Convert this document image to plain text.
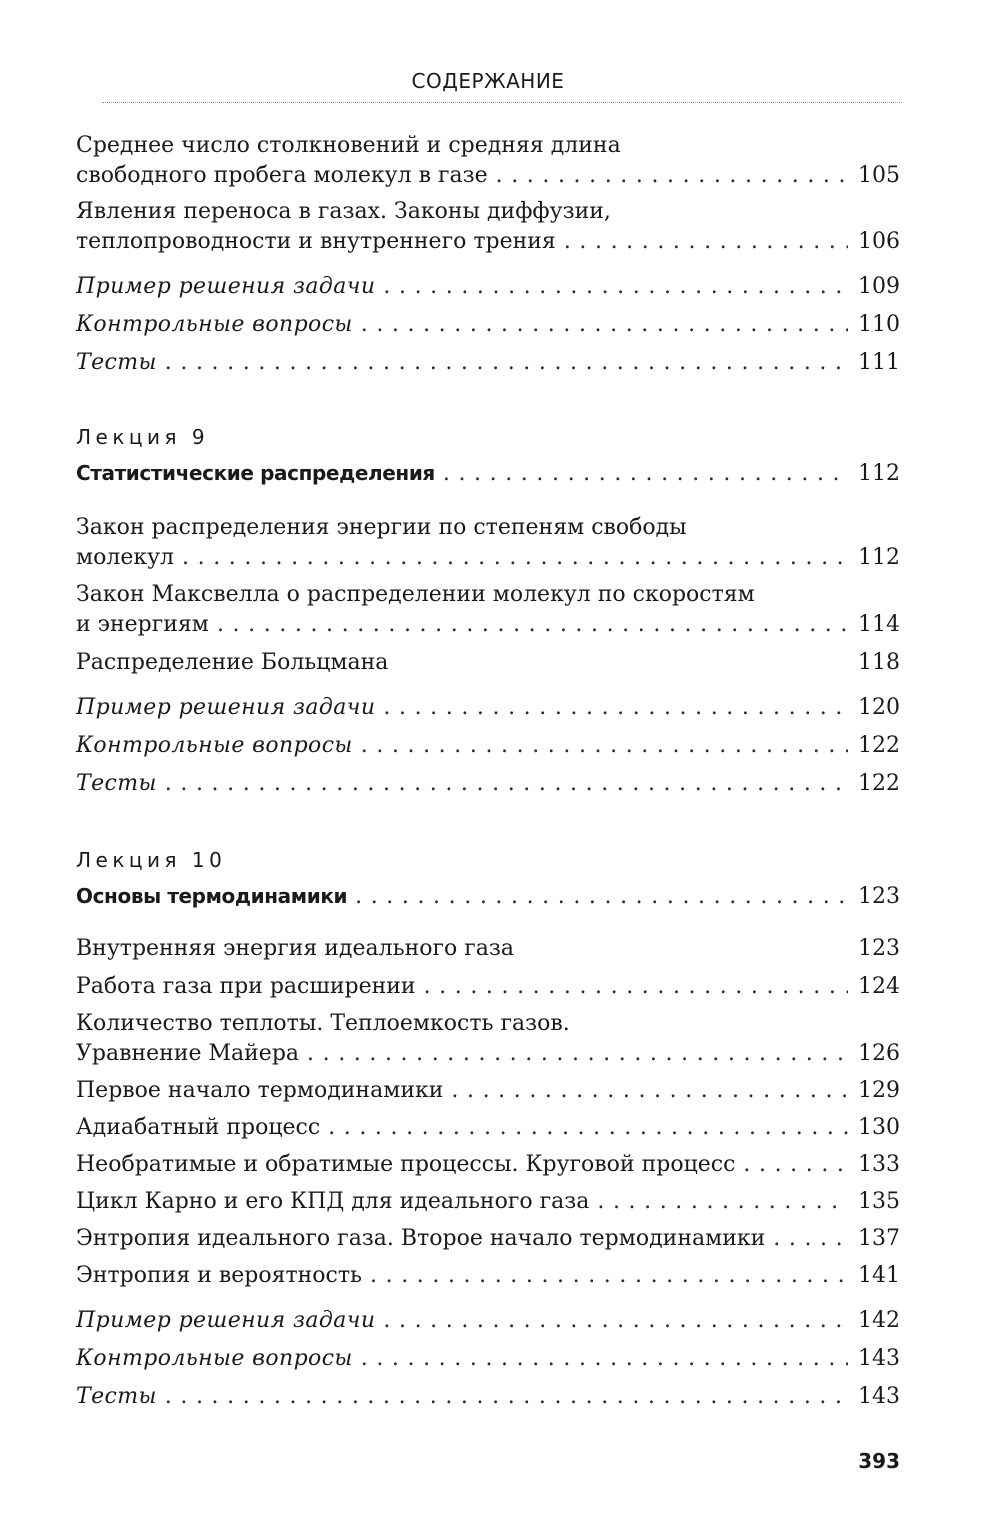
СОДЕРЖАНИЕ
Среднее число столкновений и средняя длина
свободного пробега молекул в газе . . .	105
Явления переноса в газах. Законы диффузии,
теплопроводности и внутреннего трения . . .	106
Пример решения задачи . . .	109
Контрольные вопросы . . .	110
Тесты . . .	111
Лекция 9
Статистические распределения . . .	112
Закон распределения энергии по степеням свободы
молекул . . .	112
Закон Максвелла о распределении молекул по скоростям
и энергиям . . .	114
Распределение Больцмана	118
Пример решения задачи . . .	120
Контрольные вопросы . . .	122
Тесты . . .	122
Лекция 10
Основы термодинамики . . .	123
Внутренняя энергия идеального газа	123
Работа газа при расширении . . .	124
Количество теплоты. Теплоемкость газов.
Уравнение Майера . . .	126
Первое начало термодинамики . . .	129
Адиабатный процесс . . .	130
Необратимые и обратимые процессы. Круговой процесс . . .	133
Цикл Карно и его КПД для идеального газа . . .	135
Энтропия идеального газа. Второе начало термодинамики . . .	137
Энтропия и вероятность . . .	141
Пример решения задачи . . .	142
Контрольные вопросы . . .	143
Тесты . . .	143
393
